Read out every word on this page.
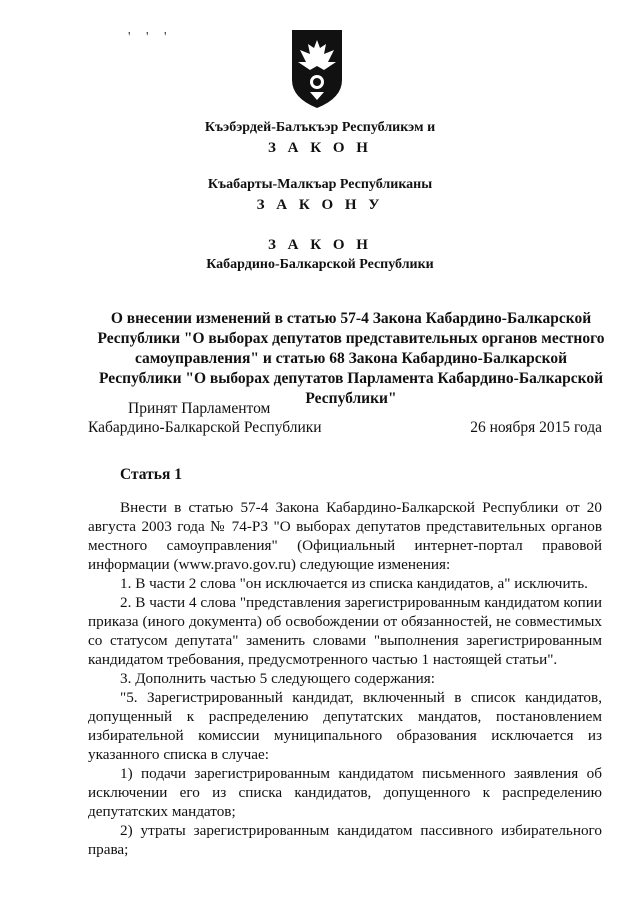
' ' '
Къэбэрдей-Балъкъэр Республикэм и
З А К О Н
Къабарты-Малкъар Республиканы
З А К О Н У
З А К О Н
Кабардино-Балкарской Республики
О внесении изменений в статью 57-4 Закона Кабардино-Балкарской Республики "О выборах депутатов представительных органов местного самоуправления" и статью 68 Закона Кабардино-Балкарской Республики "О выборах депутатов Парламента Кабардино-Балкарской Республики"
Принят Парламентом
Кабардино-Балкарской Республики	26 ноября 2015 года
Статья 1

Внести в статью 57-4 Закона Кабардино-Балкарской Республики от 20 августа 2003 года № 74-РЗ "О выборах депутатов представительных органов местного самоуправления" (Официальный интернет-портал правовой информации (www.pravo.gov.ru) следующие изменения:

1. В части 2 слова "он исключается из списка кандидатов, а" исключить.

2. В части 4 слова "представления зарегистрированным кандидатом копии приказа (иного документа) об освобождении от обязанностей, не совместимых со статусом депутата" заменить словами "выполнения зарегистрированным кандидатом требования, предусмотренного частью 1 настоящей статьи".

3. Дополнить частью 5 следующего содержания:

"5. Зарегистрированный кандидат, включенный в список кандидатов, допущенный к распределению депутатских мандатов, постановлением избирательной комиссии муниципального образования исключается из указанного списка в случае:

1) подачи зарегистрированным кандидатом письменного заявления об исключении его из списка кандидатов, допущенного к распределению депутатских мандатов;

2) утраты зарегистрированным кандидатом пассивного избирательного права;
